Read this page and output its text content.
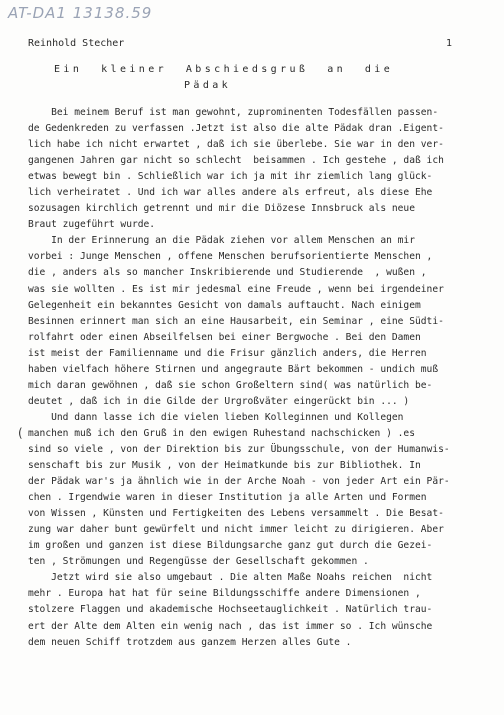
AT-DA1 13138.59
Reinhold Stecher	1
Ein  kleiner  Abschiedsgruß  an  die
Pädak
(
Bei meinem Beruf ist man gewohnt, zuprominenten Todesfällen passen-
de Gedenkreden zu verfassen .Jetzt ist also die alte Pädak dran .Eigent-
lich habe ich nicht erwartet , daß ich sie überlebe. Sie war in den ver-
gangenen Jahren gar nicht so schlecht  beisammen . Ich gestehe , daß ich
etwas bewegt bin . Schließlich war ich ja mit ihr ziemlich lang glück-
lich verheiratet . Und ich war alles andere als erfreut, als diese Ehe
sozusagen kirchlich getrennt und mir die Diözese Innsbruck als neue
Braut zugeführt wurde.
In der Erinnerung an die Pädak ziehen vor allem Menschen an mir
vorbei : Junge Menschen , offene Menschen berufsorientierte Menschen ,
die , anders als so mancher Inskribierende und Studierende  , wußen ,
was sie wollten . Es ist mir jedesmal eine Freude , wenn bei irgendeiner
Gelegenheit ein bekanntes Gesicht von damals auftaucht. Nach einigem
Besinnen erinnert man sich an eine Hausarbeit, ein Seminar , eine Südti-
rolfahrt oder einen Abseilfelsen bei einer Bergwoche . Bei den Damen
ist meist der Familienname und die Frisur gänzlich anders, die Herren
haben vielfach höhere Stirnen und angegraute Bärt bekommen - undich muß
mich daran gewöhnen , daß sie schon Großeltern sind( was natürlich be-
deutet , daß ich in die Gilde der Urgroßväter eingerückt bin ... )
Und dann lasse ich die vielen lieben Kolleginnen und Kollegen
manchen muß ich den Gruß in den ewigen Ruhestand nachschicken ) .es
sind so viele , von der Direktion bis zur Übungsschule, von der Humanwis-
senschaft bis zur Musik , von der Heimatkunde bis zur Bibliothek. In
der Pädak war's ja ähnlich wie in der Arche Noah - von jeder Art ein Pär-
chen . Irgendwie waren in dieser Institution ja alle Arten und Formen
von Wissen , Künsten und Fertigkeiten des Lebens versammelt . Die Besat-
zung war daher bunt gewürfelt und nicht immer leicht zu dirigieren. Aber
im großen und ganzen ist diese Bildungsarche ganz gut durch die Gezei-
ten , Strömungen und Regengüsse der Gesellschaft gekommen .
Jetzt wird sie also umgebaut . Die alten Maße Noahs reichen  nicht
mehr . Europa hat hat für seine Bildungsschiffe andere Dimensionen ,
stolzere Flaggen und akademische Hochseetauglichkeit . Natürlich trau-
ert der Alte dem Alten ein wenig nach , das ist immer so . Ich wünsche
dem neuen Schiff trotzdem aus ganzem Herzen alles Gute .
